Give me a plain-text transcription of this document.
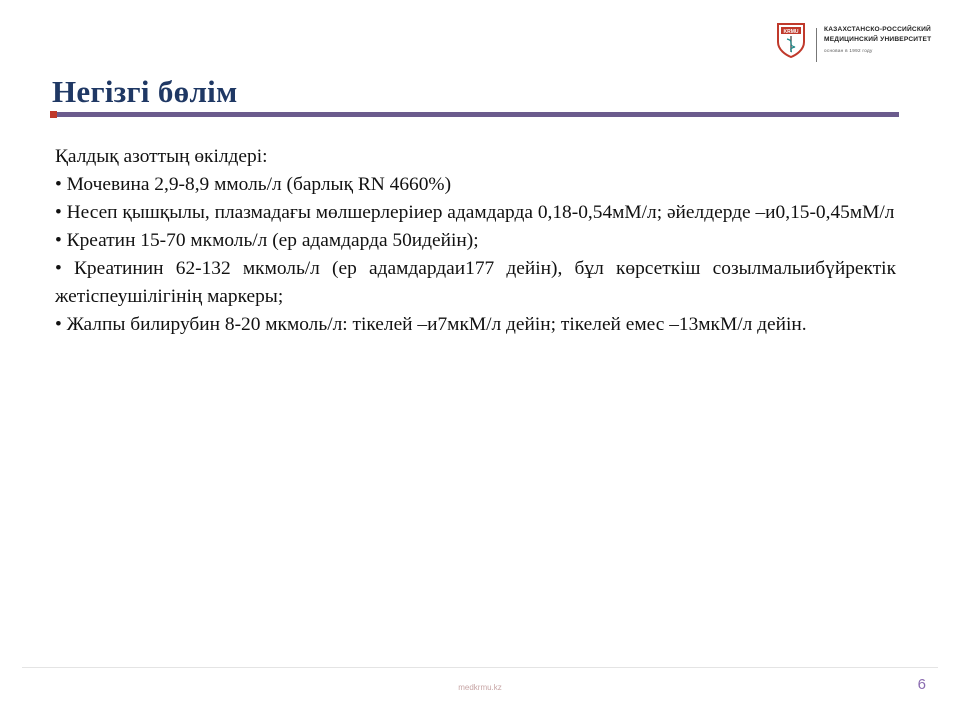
KRMU	КАЗАХСТАНСКО-РОССИЙСКИЙ
МЕДИЦИНСКИЙ УНИВЕРСИТЕТ
основан в 1992 году
Негізгі бөлім

Қалдық азоттың өкілдері:

• Мочевина 2,9-8,9 ммоль/л (барлық RN 4660%)

• Несеп қышқылы, плазмадағы мөлшерлеріиер адамдарда 0,18-0,54мМ/л; әйелдерде –и0,15-0,45мМ/л

• Креатин 15-70 мкмоль/л (ер адамдарда 50идейін);

• Креатинин 62-132 мкмоль/л (ер адамдардаи177 дейін), бұл көрсеткіш созылмалыибүйректік жетіспеушілігінің маркеры;

• Жалпы билирубин 8-20 мкмоль/л: тікелей –и7мкМ/л дейін; тікелей емес –13мкМ/л дейін.

medkrmu.kz	6
